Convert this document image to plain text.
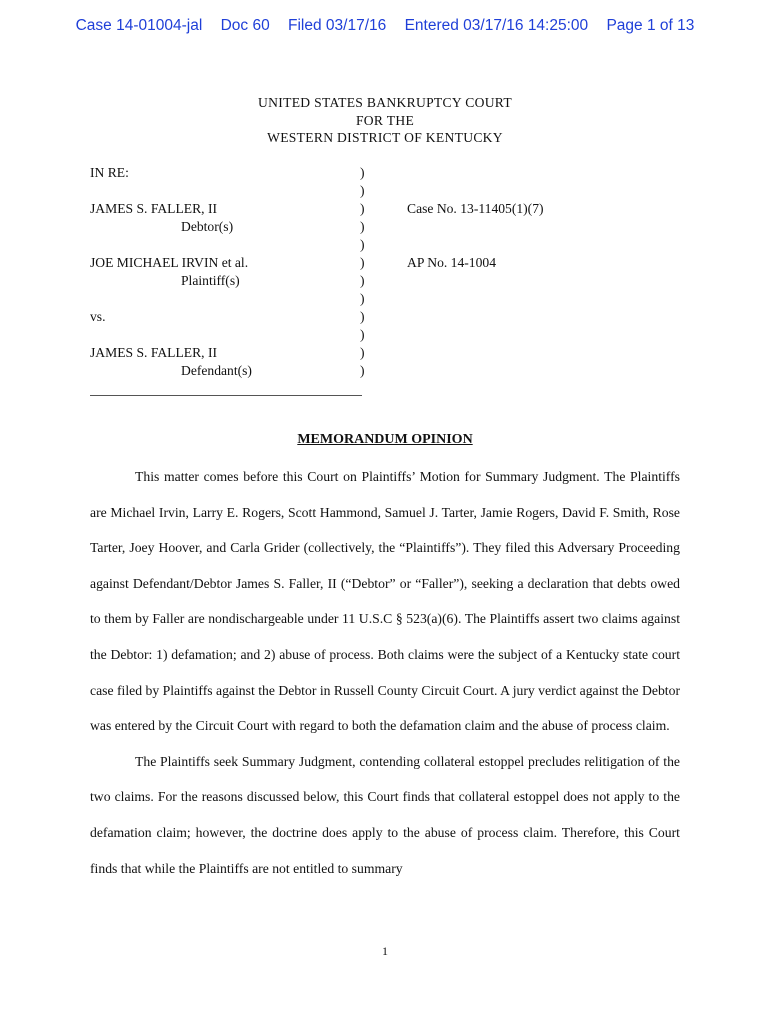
Case 14-01004-jal Doc 60 Filed 03/17/16 Entered 03/17/16 14:25:00 Page 1 of 13
UNITED STATES BANKRUPTCY COURT
FOR THE
WESTERN DISTRICT OF KENTUCKY
IN RE:	)
)
JAMES S. FALLER, II	)	Case No. 13-11405(1)(7)
Debtor(s)	)
)
JOE MICHAEL IRVIN et al.	)	AP No. 14-1004
Plaintiff(s)	)
)
vs.	)
)
JAMES S. FALLER, II	)
Defendant(s)	)
MEMORANDUM OPINION

This matter comes before this Court on Plaintiffs’ Motion for Summary Judgment. The Plaintiffs are Michael Irvin, Larry E. Rogers, Scott Hammond, Samuel J. Tarter, Jamie Rogers, David F. Smith, Rose Tarter, Joey Hoover, and Carla Grider (collectively, the “Plaintiffs”). They filed this Adversary Proceeding against Defendant/Debtor James S. Faller, II (“Debtor” or “Faller”), seeking a declaration that debts owed to them by Faller are nondischargeable under 11 U.S.C § 523(a)(6). The Plaintiffs assert two claims against the Debtor: 1) defamation; and 2) abuse of process. Both claims were the subject of a Kentucky state court case filed by Plaintiffs against the Debtor in Russell County Circuit Court. A jury verdict against the Debtor was entered by the Circuit Court with regard to both the defamation claim and the abuse of process claim.

The Plaintiffs seek Summary Judgment, contending collateral estoppel precludes relitigation of the two claims. For the reasons discussed below, this Court finds that collateral estoppel does not apply to the defamation claim; however, the doctrine does apply to the abuse of process claim. Therefore, this Court finds that while the Plaintiffs are not entitled to summary

1
